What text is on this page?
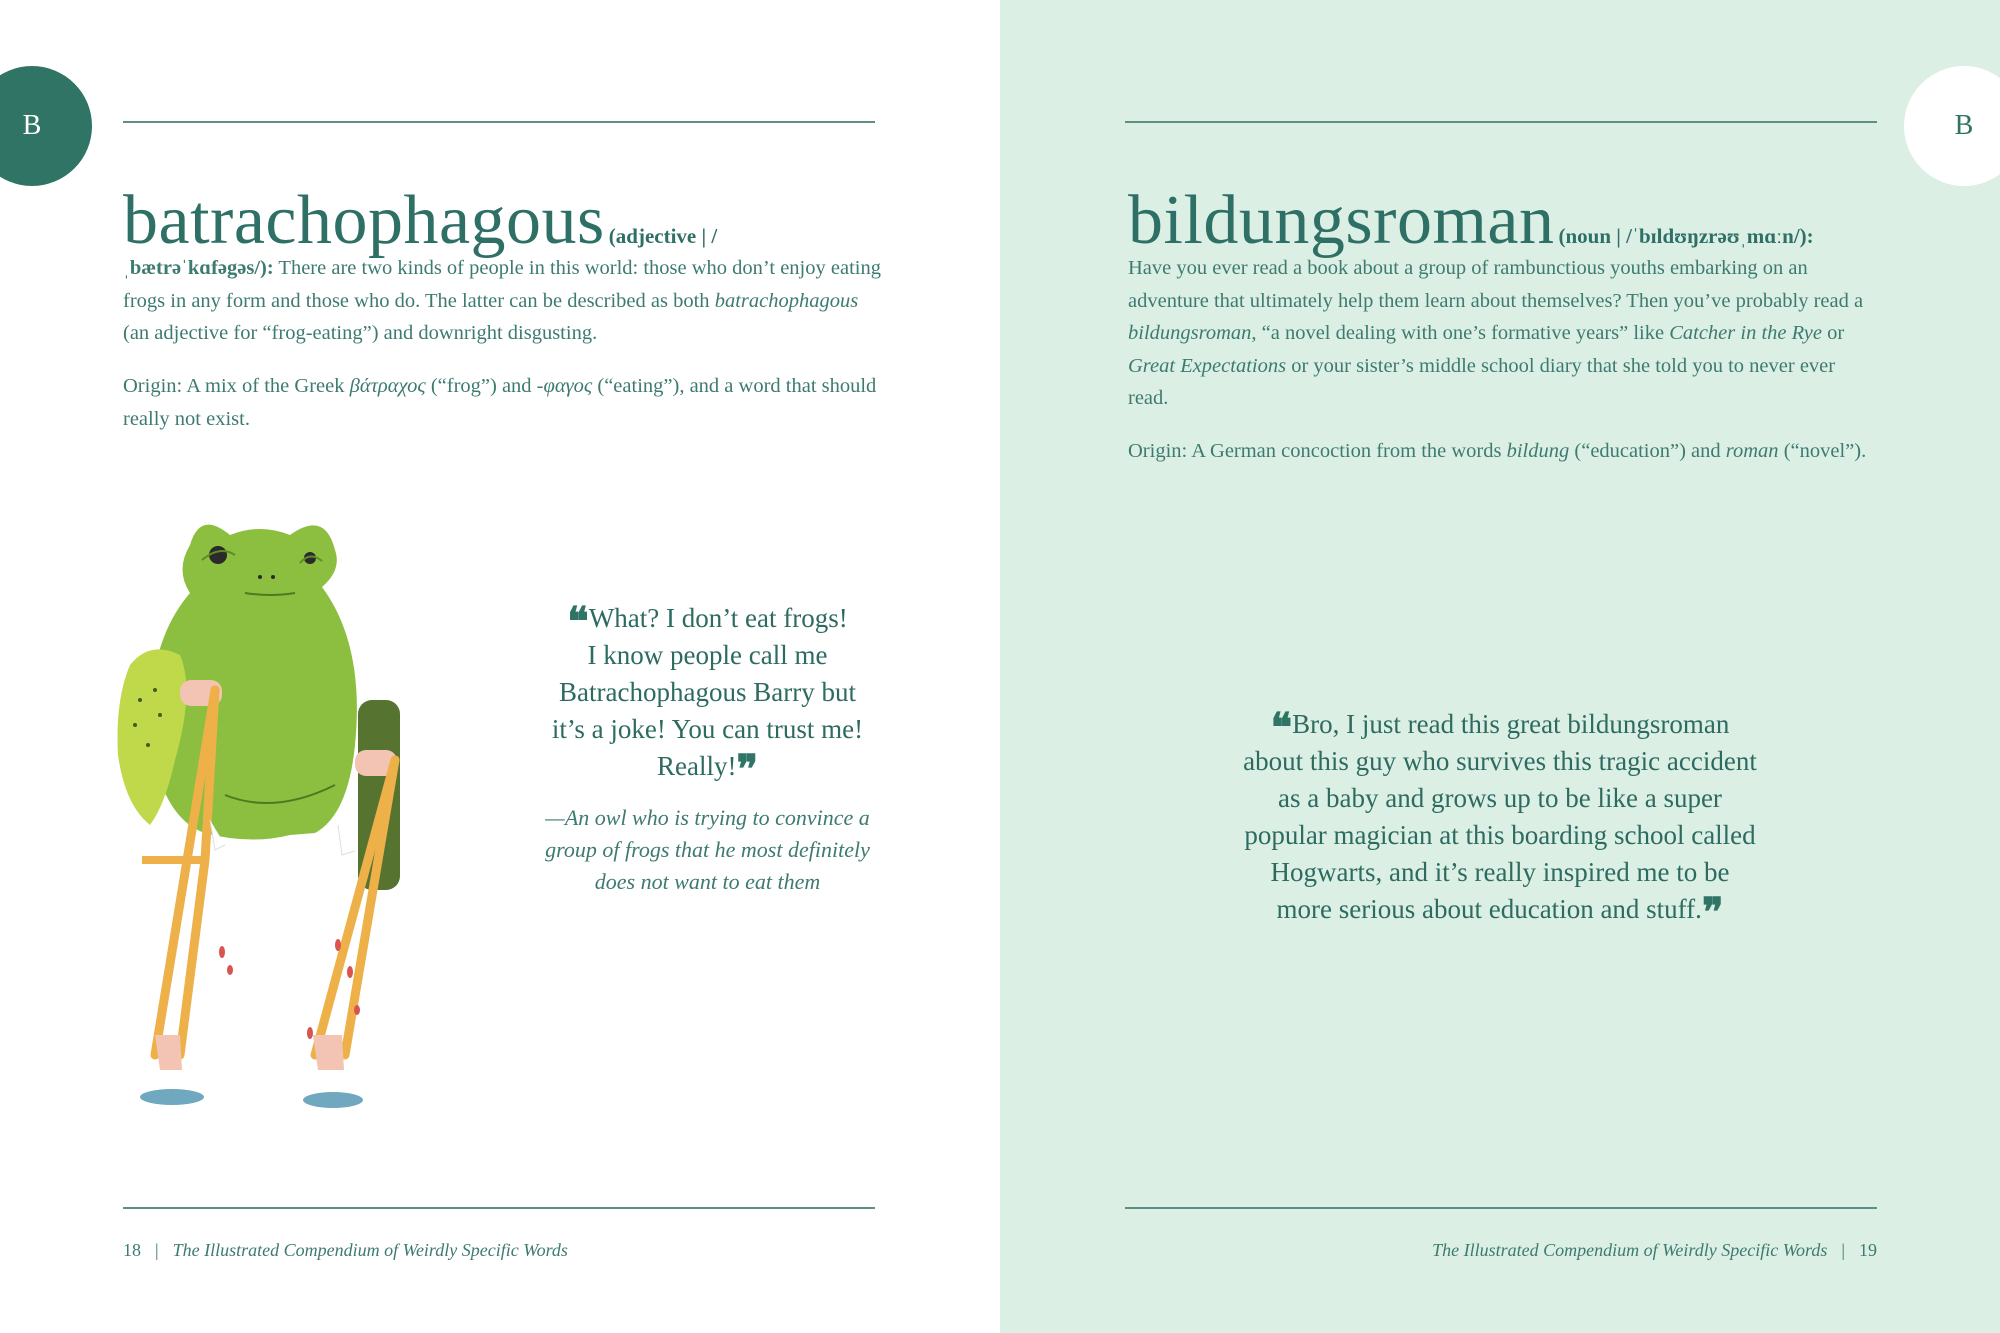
B
batrachophagous (adjective | /
ˌbætrəˈkɑfəgəs/): There are two kinds of people in this world: those who don’t enjoy eating frogs in any form and those who do. The latter can be described as both batrachophagous (an adjective for “frog-eating”) and downright disgusting.
Origin: A mix of the Greek βάτραχος (“frog”) and -φαγος (“eating”), and a word that should really not exist.
❝What? I don’t eat frogs!
I know people call me
Batrachophagous Barry but
it’s a joke! You can trust me!
Really!❞
—An owl who is trying to convince a
group of frogs that he most definitely
does not want to eat them
18 | The Illustrated Compendium of Weirdly Specific Words
B
bildungsroman (noun | /ˈbɪldʊŋzrəʊˌmɑːn/):
Have you ever read a book about a group of rambunctious youths embarking on an adventure that ultimately help them learn about themselves? Then you’ve probably read a bildungsroman, “a novel dealing with one’s formative years” like Catcher in the Rye or Great Expectations or your sister’s middle school diary that she told you to never ever read.
Origin: A German concoction from the words bildung (“education”) and roman (“novel”).
❝Bro, I just read this great bildungsroman
about this guy who survives this tragic accident
as a baby and grows up to be like a super
popular magician at this boarding school called
Hogwarts, and it’s really inspired me to be
more serious about education and stuff.❞
The Illustrated Compendium of Weirdly Specific Words | 19
